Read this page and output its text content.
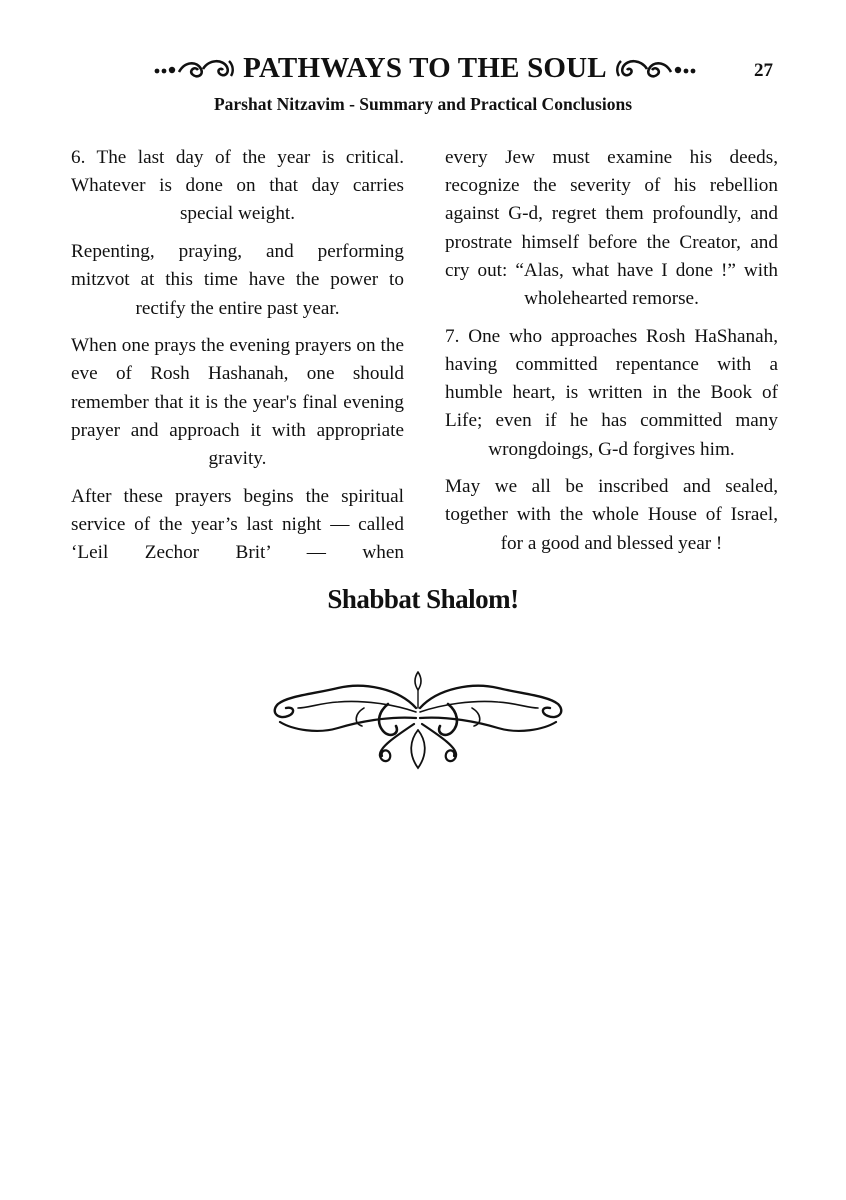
PATHWAYS TO THE SOUL	27
Parshat Nitzavim - Summary and Practical Conclusions

6. The last day of the year is critical. Whatever is done on that day carries special weight.

Repenting, praying, and performing mitzvot at this time have the power to rectify the entire past year.

When one prays the evening prayers on the eve of Rosh Hashanah, one should remember that it is the year's final evening prayer and approach it with appropriate gravity.

After these prayers begins the spiritual service of the year’s last night — called ‘Leil Zechor Brit’ — when

every Jew must examine his deeds, recognize the severity of his rebellion against G-d, regret them profoundly, and prostrate himself before the Creator, and cry out: “Alas, what have I done !” with wholehearted remorse.

7. One who approaches Rosh HaShanah, having committed repentance with a humble heart, is written in the Book of Life; even if he has committed many wrongdoings, G-d forgives him.

May we all be inscribed and sealed, together with the whole House of Israel, for a good and blessed year !

Shabbat Shalom!
